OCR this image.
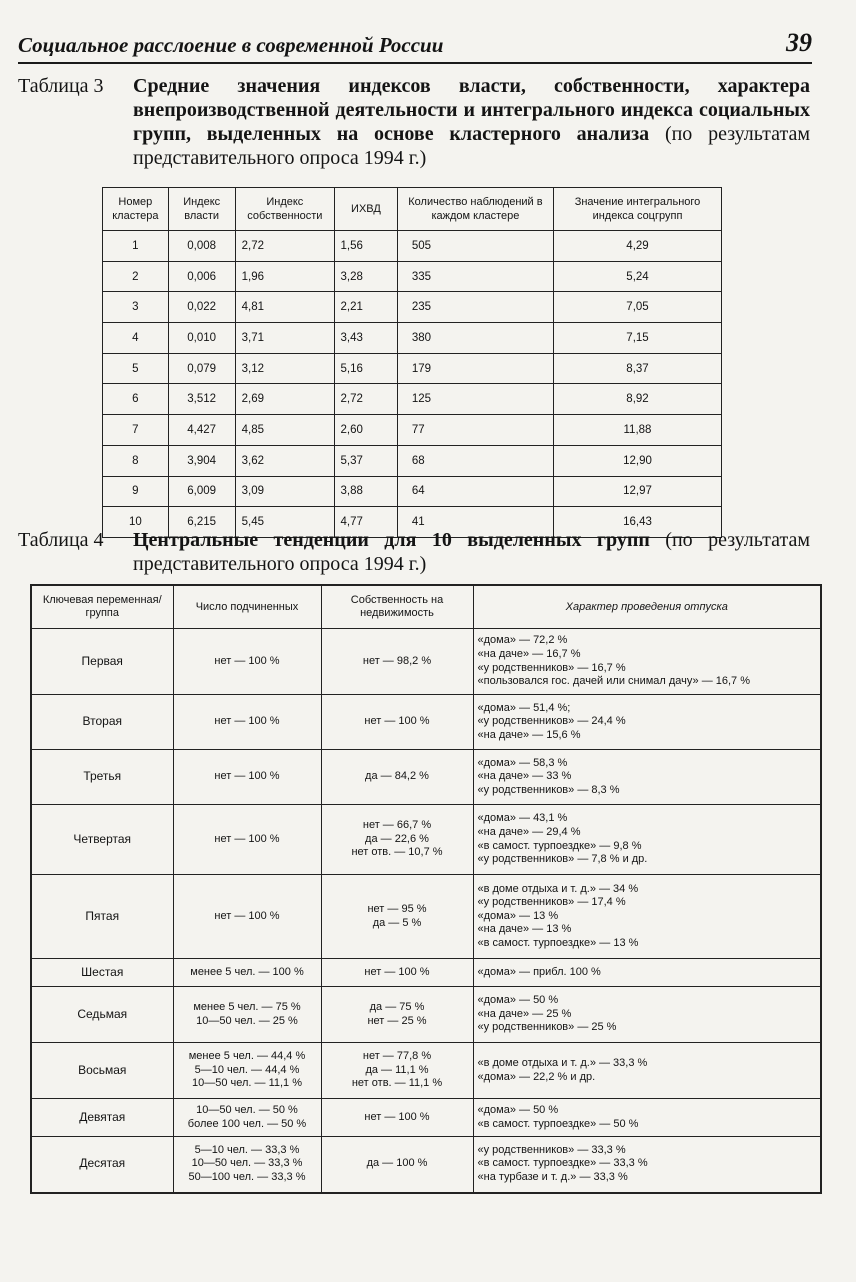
Социальное расслоение в современной России	39
Таблица 3	Средние значения индексов власти, собственности, характера внепроизводственной деятельности и интегрального индекса социальных групп, выделенных на основе кластерного анализа (по результатам представительного опроса 1994 г.)
Номер кластера	Индекс власти	Индекс собственности	ИХВД	Количество наблюдений в каждом кластере	Значение интегрального индекса соцгрупп
1	0,008	2,72	1,56	505	4,29
2	0,006	1,96	3,28	335	5,24
3	0,022	4,81	2,21	235	7,05
4	0,010	3,71	3,43	380	7,15
5	0,079	3,12	5,16	179	8,37
6	3,512	2,69	2,72	125	8,92
7	4,427	4,85	2,60	77	11,88
8	3,904	3,62	5,37	68	12,90
9	6,009	3,09	3,88	64	12,97
10	6,215	5,45	4,77	41	16,43
Таблица 4	Центральные тенденции для 10 выделенных групп (по результатам представительного опроса 1994 г.)
Ключевая переменная/группа	Число подчиненных	Собственность на недвижимость	Характер проведения отпуска
Первая	нет — 100 %	нет — 98,2 %	«дома» — 72,2 %
«на даче» — 16,7 %
«у родственников» — 16,7 %
«пользовался гос. дачей или снимал дачу» — 16,7 %

Вторая	нет — 100 %	нет — 100 %	«дома» — 51,4 %;
«у родственников» — 24,4 %
«на даче» — 15,6 %

Третья	нет — 100 %	да — 84,2 %	«дома» — 58,3 %
«на даче» — 33 %
«у родственников» — 8,3 %

Четвертая	нет — 100 %	нет — 66,7 %
да — 22,6 %
нет отв. — 10,7 %	«дома» — 43,1 %
«на даче» — 29,4 %
«в самост. турпоездке» — 9,8 %
«у родственников» — 7,8 % и др.

Пятая	нет — 100 %	нет — 95 %
да — 5 %	«в доме отдыха и т. д.» — 34 %
«у родственников» — 17,4 %
«дома» — 13 %
«на даче» — 13 %
«в самост. турпоездке» — 13 %

Шестая	менее 5 чел. — 100 %	нет — 100 %	«дома» — прибл. 100 %

Седьмая	менее 5 чел. — 75 %
10—50 чел. — 25 %	да — 75 %
нет — 25 %	«дома» — 50 %
«на даче» — 25 %
«у родственников» — 25 %

Восьмая	менее 5 чел. — 44,4 %
5—10 чел. — 44,4 %
10—50 чел. — 11,1 %	нет — 77,8 %
да — 11,1 %
нет отв. — 11,1 %	«в доме отдыха и т. д.» — 33,3 %
«дома» — 22,2 % и др.

Девятая	10—50 чел. — 50 %
более 100 чел. — 50 %	нет — 100 %	«дома» — 50 %
«в самост. турпоездке» — 50 %

Десятая	5—10 чел. — 33,3 %
10—50 чел. — 33,3 %
50—100 чел. — 33,3 %	да — 100 %	«у родственников» — 33,3 %
«в самост. турпоездке» — 33,3 %
«на турбазе и т. д.» — 33,3 %
